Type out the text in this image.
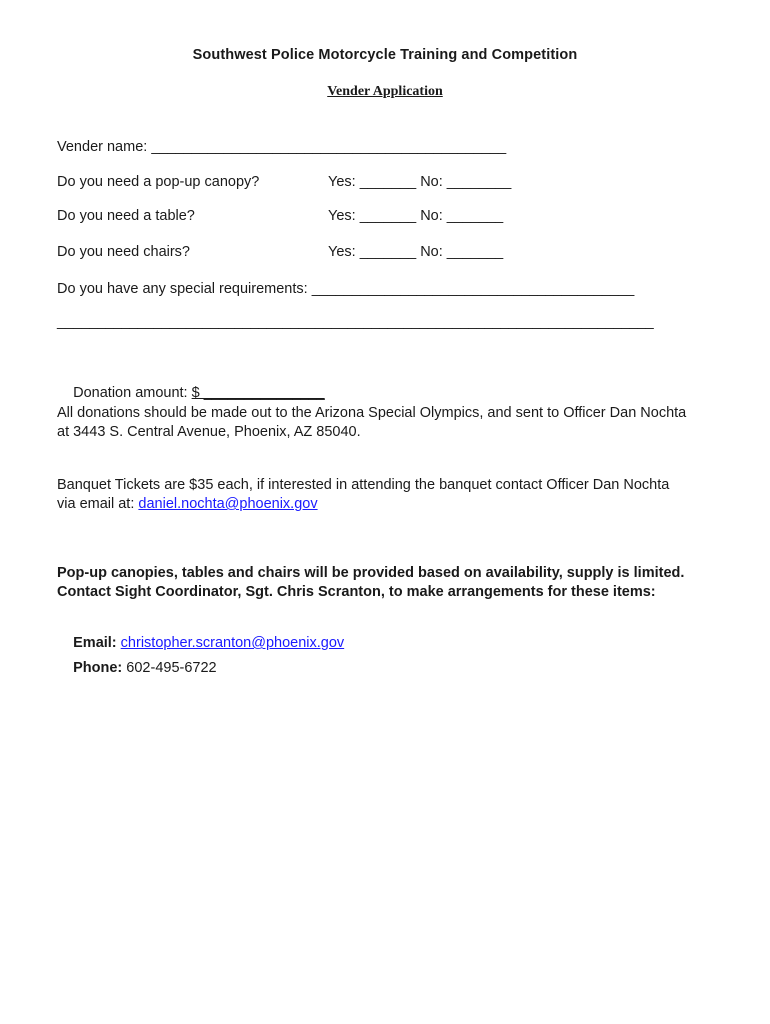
Southwest Police Motorcycle Training and Competition
Vender Application
Vender name: ____________________________________________
Do you need a pop-up canopy?	Yes: _______ No: ________
Do you need a table?	Yes: _______ No: _______
Do you need chairs?	Yes: _______ No: _______
Do you have any special requirements: ________________________________________
__________________________________________________________________________

Donation amount: $ _______________

All donations should be made out to the Arizona Special Olympics, and sent to Officer Dan Nochta
at 3443 S. Central Avenue, Phoenix, AZ 85040.
Banquet Tickets are $35 each, if interested in attending the banquet contact Officer Dan Nochta
via email at: daniel.nochta@phoenix.gov
Pop-up canopies, tables and chairs will be provided based on availability, supply is limited.
Contact Sight Coordinator, Sgt. Chris Scranton, to make arrangements for these items:

Email: christopher.scranton@phoenix.gov

Phone: 602-495-6722
